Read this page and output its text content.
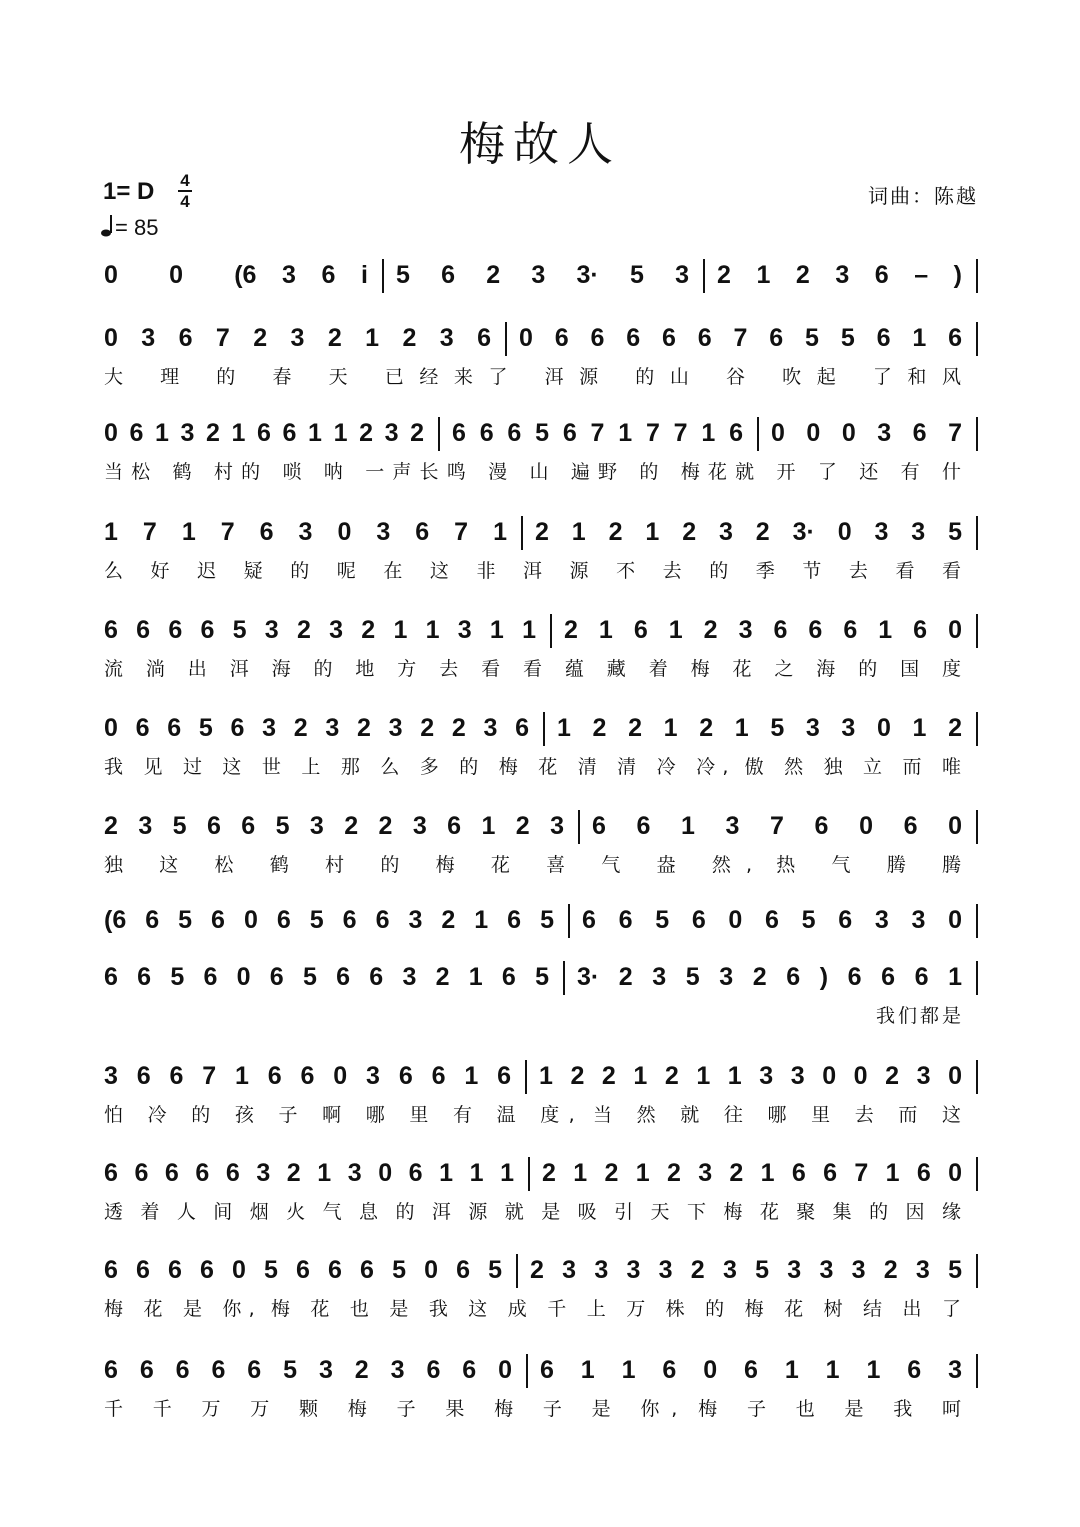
梅故人
1= D 4
4
= 85
词曲：陈越
0  0  (6 3 6 i 5 6 2 3 3· 5 3 2 1 2 3 6 – )
0 3 6 7 2 3 2 1 2 3 6 0 6 6 6 6 6 7 6 5 5 6 1 6
大 理 的 春 天 已经来了 洱源 的山 谷 吹起 了和风
0 6 1 3 2 1 6 6 1 1 2 3 2 6 6 6 5 6 7 1 7 7 1 6 0 0 0 3 6 7
当松 鹤 村的 唢 呐 一声长鸣 漫 山 遍野 的 梅花就 开 了 还 有 什
1 7 1 7 6 3 0 3 6 7 1 2 1 2 1 2 3 2 3· 0 3 3 5
么 好 迟 疑 的 呢 在 这 非 洱 源 不 去 的 季 节 去 看 看
6 6 6 6 5 3 2 3 2 1 1 3 1 1 2 1 6 1 2 3 6 6 6 1 6 0
流 淌 出 洱 海 的 地 方 去 看 看 蕴 藏 着 梅 花 之 海 的 国 度
0 6 6 5 6 3 2 3 2 3 2 2 3 6 1 2 2 1 2 1 5 3 3 0 1 2
我 见 过 这 世 上 那 么 多 的 梅 花 清 清 冷 冷, 傲 然 独 立 而 唯
2 3 5 6 6 5 3 2 2 3 6 1 2 3 6 6 1 3 7 6 0 6 0
独 这 松 鹤 村 的 梅 花 喜 气 盎 然, 热 气 腾 腾
(6 6 5 6 0 6 5 6 6 3 2 1 6 5 6 6 5 6 0 6 5 6 3 3 0
6 6 5 6 0 6 5 6 6 3 2 1 6 5 3· 2 3 5 3 2 6 ) 6 6 6 1
我们都是
3 6 6 7 1 6 6 0 3 6 6 1 6 1 2 2 1 2 1 1 3 3 0 0 2 3 0
怕 冷 的 孩 子 啊 哪 里 有 温 度, 当 然 就 往 哪 里 去 而 这
6 6 6 6 6 3 2 1 3 0 6 1 1 1 2 1 2 1 2 3 2 1 6 6 7 1 6 0
透 着 人 间 烟 火 气 息 的 洱 源 就 是 吸 引 天 下 梅 花 聚 集 的 因 缘
6 6 6 6 0 5 6 6 6 5 0 6 5 2 3 3 3 3 2 3 5 3 3 3 2 3 5
梅 花 是 你, 梅 花 也 是 我 这 成 千 上 万 株 的 梅 花 树 结 出 了
6 6 6 6 6 5 3 2 3 6 6 0 6 1 1 6 0 6 1 1 1 6 3
千 千 万 万 颗 梅 子 果 梅 子 是 你, 梅 子 也 是 我 呵
